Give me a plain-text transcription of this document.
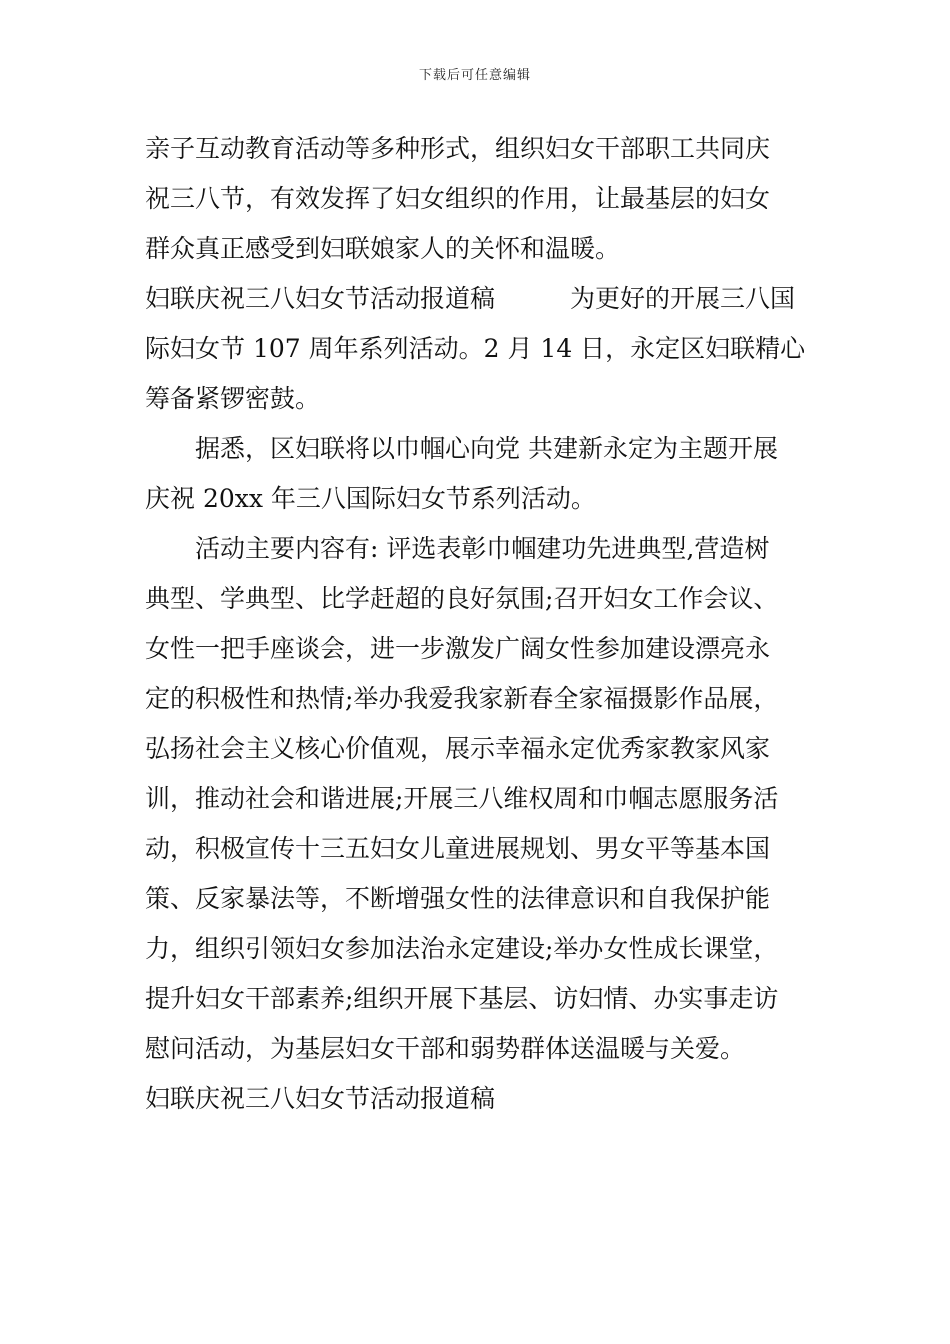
下载后可任意编辑
亲子互动教育活动等多种形式，组织妇女干部职工共同庆
祝三八节，有效发挥了妇女组织的作用，让最基层的妇女
群众真正感受到妇联娘家人的关怀和温暖。
妇联庆祝三八妇女节活动报道稿　　　为更好的开展三八国
际妇女节 107 周年系列活动。2 月 14 日，永定区妇联精心
筹备紧锣密鼓。
据悉，区妇联将以巾帼心向党 共建新永定为主题开展
庆祝 20xx 年三八国际妇女节系列活动。
活动主要内容有: 评选表彰巾帼建功先进典型,营造树
典型、学典型、比学赶超的良好氛围;召开妇女工作会议、
女性一把手座谈会，进一步激发广阔女性参加建设漂亮永
定的积极性和热情;举办我爱我家新春全家福摄影作品展，
弘扬社会主义核心价值观，展示幸福永定优秀家教家风家
训，推动社会和谐进展;开展三八维权周和巾帼志愿服务活
动，积极宣传十三五妇女儿童进展规划、男女平等基本国
策、反家暴法等，不断增强女性的法律意识和自我保护能
力，组织引领妇女参加法治永定建设;举办女性成长课堂，
提升妇女干部素养;组织开展下基层、访妇情、办实事走访
慰问活动，为基层妇女干部和弱势群体送温暖与关爱。
妇联庆祝三八妇女节活动报道稿
